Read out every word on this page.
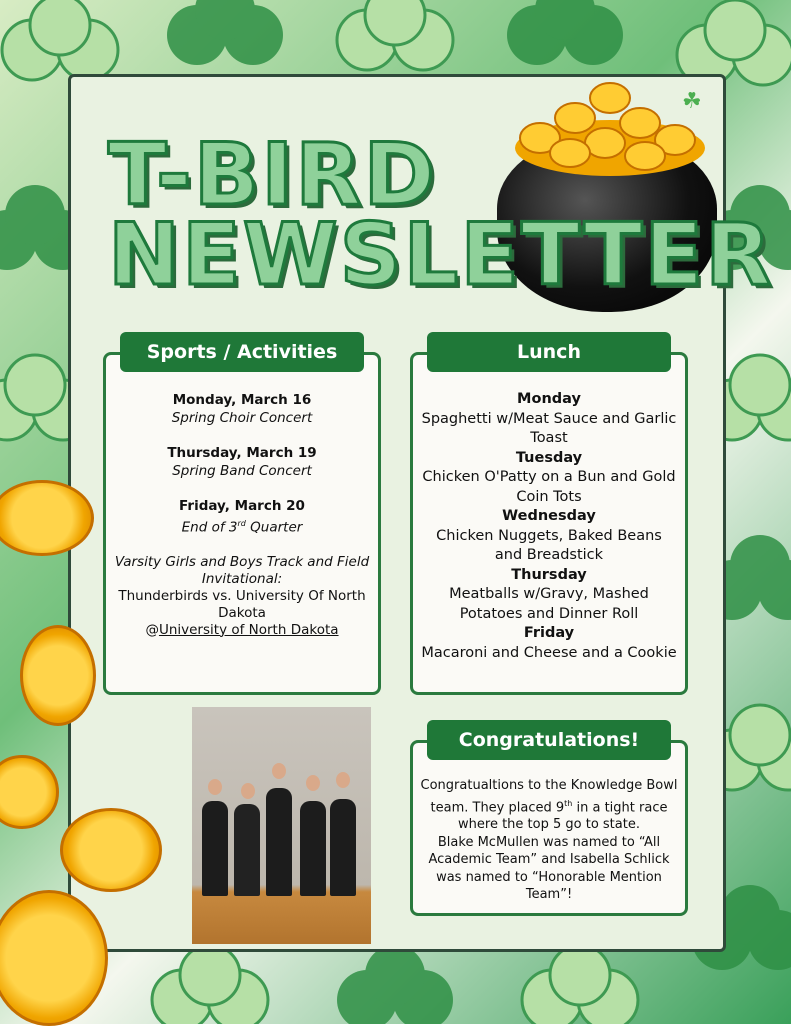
☘
T-BIRD
NEWSLETTER
Monday, March 16
Spring Choir Concert
Thursday, March 19
Spring Band Concert
Friday, March 20
End of 3rd Quarter
Varsity Girls and Boys Track and Field Invitational:
Thunderbirds vs. University Of North Dakota
@University of North Dakota
Sports / Activities
Monday
Spaghetti w/Meat Sauce and Garlic Toast
Tuesday
Chicken O'Patty on a Bun and Gold Coin Tots
Wednesday
Chicken Nuggets, Baked Beans and Breadstick
Thursday
Meatballs w/Gravy, Mashed Potatoes and Dinner Roll
Friday
Macaroni and Cheese and a Cookie
Lunch
Congratualtions to the Knowledge Bowl team. They placed 9th in a tight race where the top 5 go to state.
Blake McMullen was named to “All Academic Team” and Isabella Schlick was named to “Honorable Mention Team”!
Congratulations!
